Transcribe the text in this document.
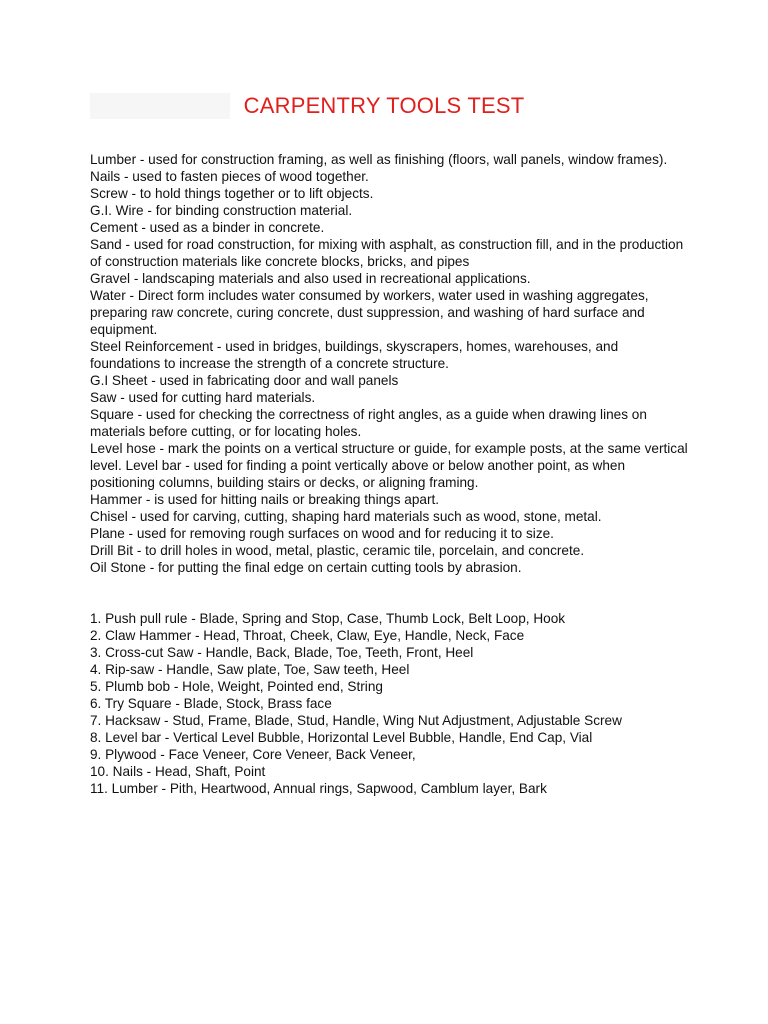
CARPENTRY TOOLS TEST

Lumber - used for construction framing, as well as finishing (floors, wall panels, window frames).

Nails - used to fasten pieces of wood together.

Screw - to hold things together or to lift objects.

G.I. Wire - for binding construction material.

Cement - used as a binder in concrete.

Sand - used for road construction, for mixing with asphalt, as construction fill, and in the production of construction materials like concrete blocks, bricks, and pipes

Gravel - landscaping materials and also used in recreational applications.

Water - Direct form includes water consumed by workers, water used in washing aggregates, preparing raw concrete, curing concrete, dust suppression, and washing of hard surface and equipment.

Steel Reinforcement - used in bridges, buildings, skyscrapers, homes, warehouses, and foundations to increase the strength of a concrete structure.

G.I Sheet - used in fabricating door and wall panels

Saw - used for cutting hard materials.

Square - used for checking the correctness of right angles, as a guide when drawing lines on materials before cutting, or for locating holes.

Level hose - mark the points on a vertical structure or guide, for example posts, at the same vertical level. Level bar - used for finding a point vertically above or below another point, as when positioning columns, building stairs or decks, or aligning framing.

Hammer - is used for hitting nails or breaking things apart.

Chisel - used for carving, cutting, shaping hard materials such as wood, stone, metal.

Plane - used for removing rough surfaces on wood and for reducing it to size.

Drill Bit - to drill holes in wood, metal, plastic, ceramic tile, porcelain, and concrete.

Oil Stone - for putting the final edge on certain cutting tools by abrasion.

1. Push pull rule - Blade, Spring and Stop, Case, Thumb Lock, Belt Loop, Hook

2. Claw Hammer - Head, Throat, Cheek, Claw, Eye, Handle, Neck, Face

3. Cross-cut Saw - Handle, Back, Blade, Toe, Teeth, Front, Heel

4. Rip-saw - Handle, Saw plate, Toe, Saw teeth, Heel

5. Plumb bob - Hole, Weight, Pointed end, String

6. Try Square - Blade, Stock, Brass face

7. Hacksaw - Stud, Frame, Blade, Stud, Handle, Wing Nut Adjustment, Adjustable Screw

8. Level bar - Vertical Level Bubble, Horizontal Level Bubble, Handle, End Cap, Vial

9. Plywood - Face Veneer, Core Veneer, Back Veneer,

10. Nails - Head, Shaft, Point

11. Lumber - Pith, Heartwood, Annual rings, Sapwood, Camblum layer, Bark
